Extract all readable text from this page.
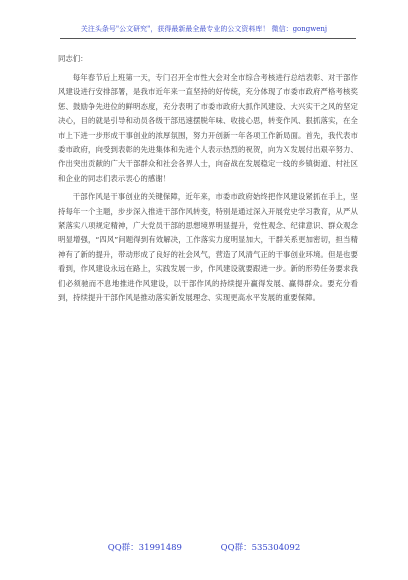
关注头条号"公文研究"，获得最新最全最专业的公文资料库！ 微信：gongwenj

同志们：

每年春节后上班第一天，专门召开全市性大会对全市综合考核进行总结表彰、对干部作风建设进行安排部署，是我市近年来一直坚持的好传统，充分体现了市委市政府严格考核奖惩、鼓励争先进位的鲜明态度，充分表明了市委市政府大抓作风建设、大兴实干之风的坚定决心，目的就是引导和动员各级干部迅速摆脱年味、收拢心思，转变作风、狠抓落实，在全市上下进一步形成干事创业的浓厚氛围，努力开创新一年各项工作新局面。首先，我代表市委市政府，向受到表彰的先进集体和先进个人表示热烈的祝贺，向为Ｘ发展付出艰辛努力、作出突出贡献的广大干部群众和社会各界人士，向奋战在发展稳定一线的乡镇街道、村社区和企业的同志们表示衷心的感谢！

干部作风是干事创业的关键保障，近年来，市委市政府始终把作风建设紧抓在手上，坚持每年一个主题，步步深入推进干部作风转变，特别是通过深入开展党史学习教育，从严从紧落实八项规定精神，广大党员干部的思想境界明显提升，党性观念、纪律意识、群众观念明显增强，“四风”问题得到有效解决，工作落实力度明显加大，干群关系更加密切，担当精神有了新的提升，带动形成了良好的社会风气，营造了风清气正的干事创业环境。但是也要看到，作风建设永远在路上，实践发展一步，作风建设就要跟进一步。新的形势任务要求我们必须驰而不息地推进作风建设，以干部作风的持续提升赢得发展、赢得群众。要充分看到，持续提升干部作风是推动落实新发展理念、实现更高水平发展的重要保障。

QQ群：31991489	QQ群：535304092
